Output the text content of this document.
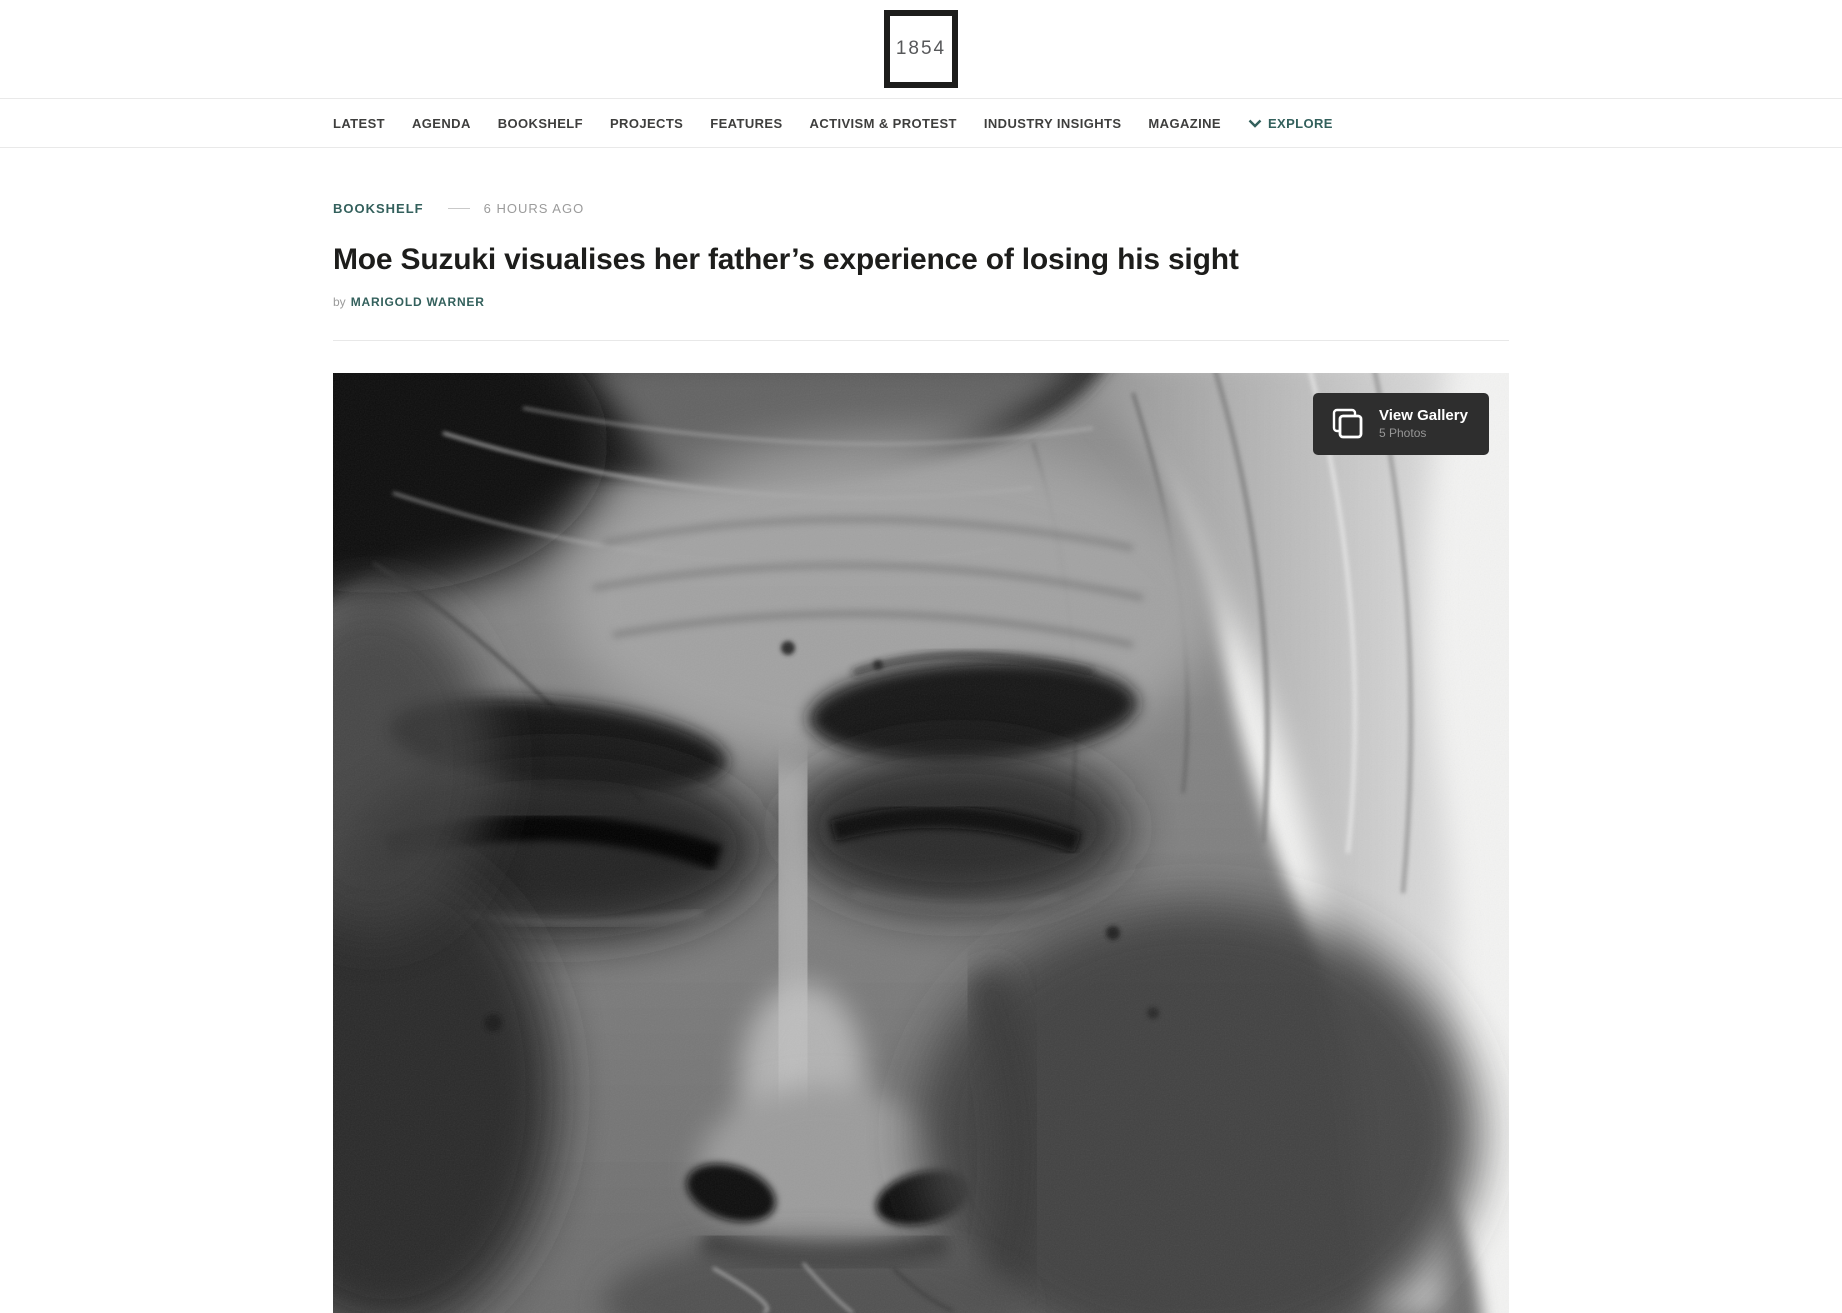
1854
LATEST AGENDA BOOKSHELF PROJECTS FEATURES ACTIVISM & PROTEST INDUSTRY INSIGHTS MAGAZINE	EXPLORE
BOOKSHELF	6 HOURS AGO
Moe Suzuki visualises her father’s experience of losing his sight
by MARIGOLD WARNER
View Gallery
5 Photos
